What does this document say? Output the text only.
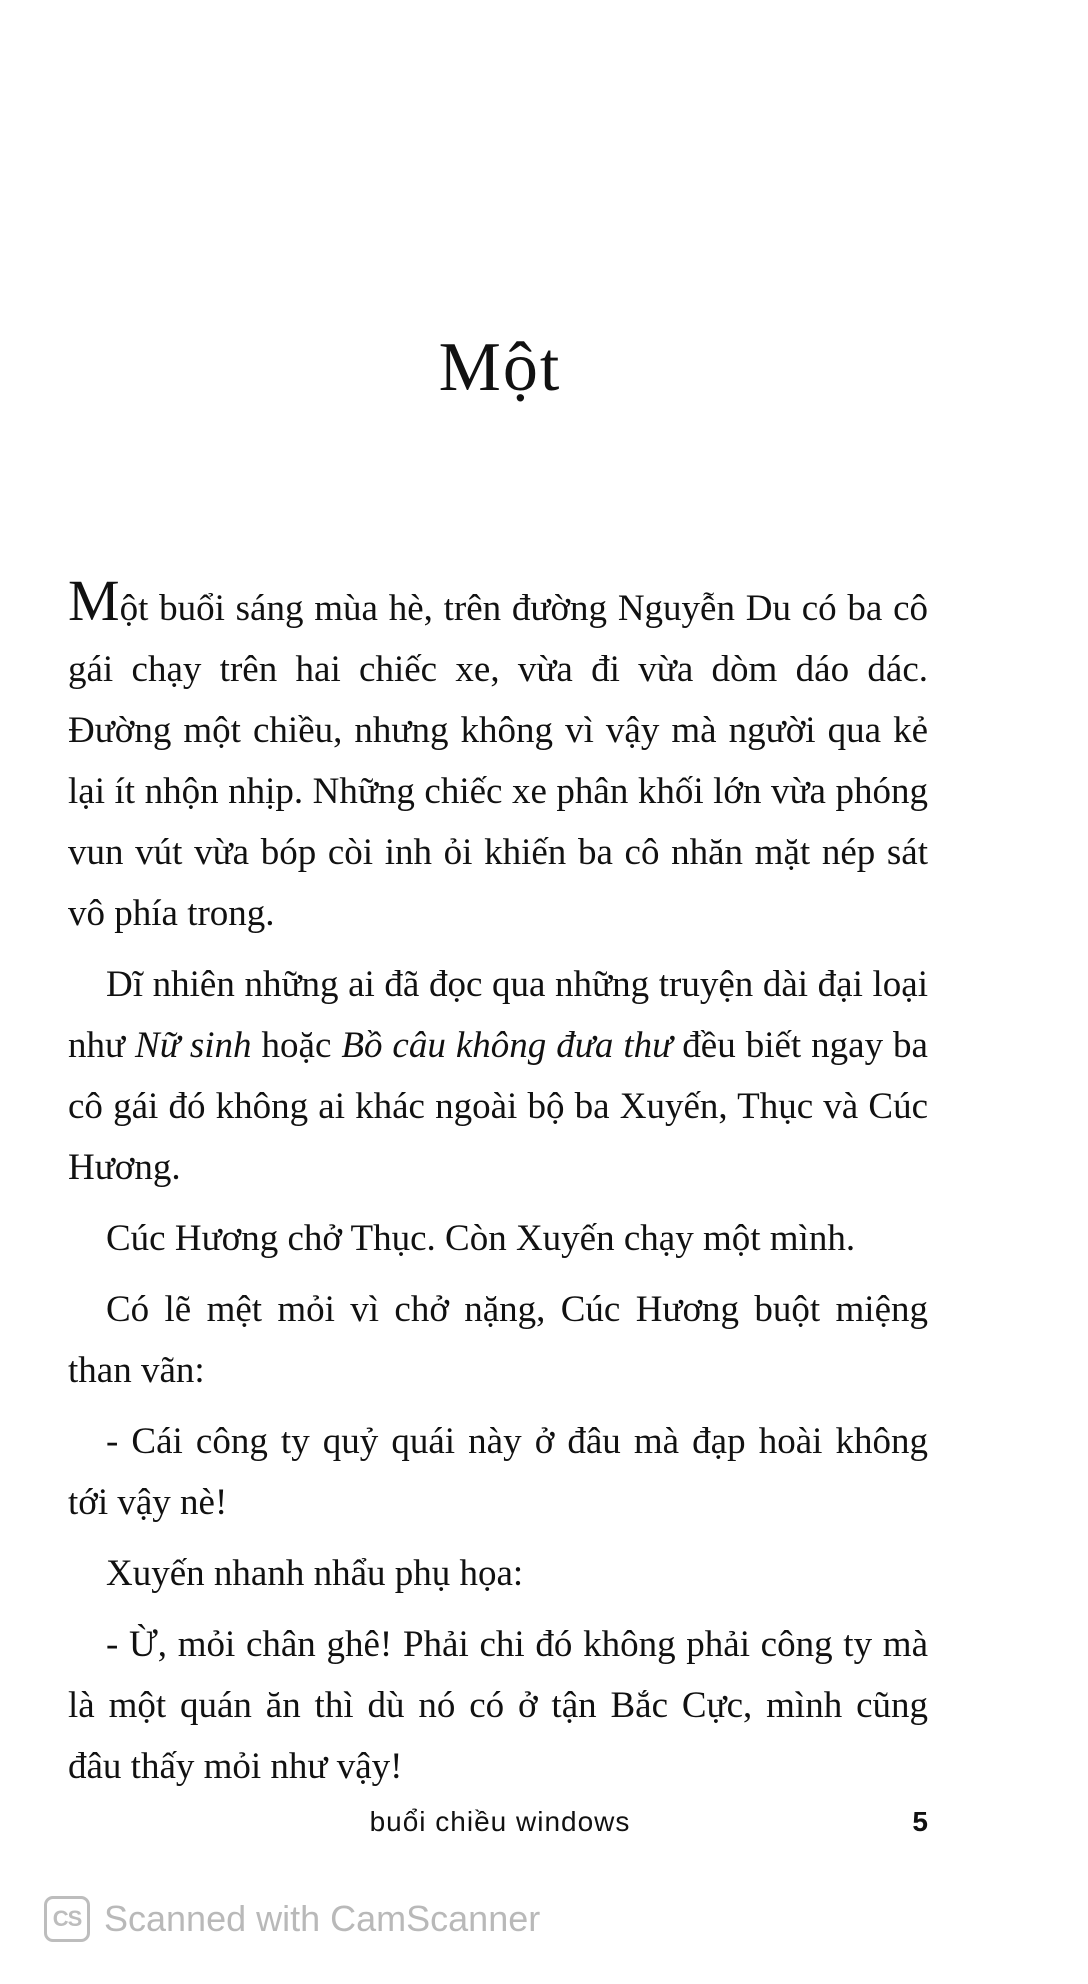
Một

Một buổi sáng mùa hè, trên đường Nguyễn Du có ba cô gái chạy trên hai chiếc xe, vừa đi vừa dòm dáo dác. Đường một chiều, nhưng không vì vậy mà người qua kẻ lại ít nhộn nhịp. Những chiếc xe phân khối lớn vừa phóng vun vút vừa bóp còi inh ỏi khiến ba cô nhăn mặt nép sát vô phía trong.

Dĩ nhiên những ai đã đọc qua những truyện dài đại loại như Nữ sinh hoặc Bồ câu không đưa thư đều biết ngay ba cô gái đó không ai khác ngoài bộ ba Xuyến, Thục và Cúc Hương.

Cúc Hương chở Thục. Còn Xuyến chạy một mình.

Có lẽ mệt mỏi vì chở nặng, Cúc Hương buột miệng than vãn:

- Cái công ty quỷ quái này ở đâu mà đạp hoài không tới vậy nè!

Xuyến nhanh nhẩu phụ họa:

- Ừ, mỏi chân ghê! Phải chi đó không phải công ty mà là một quán ăn thì dù nó có ở tận Bắc Cực, mình cũng đâu thấy mỏi như vậy!

buổi chiều windows	5
CS Scanned with CamScanner
